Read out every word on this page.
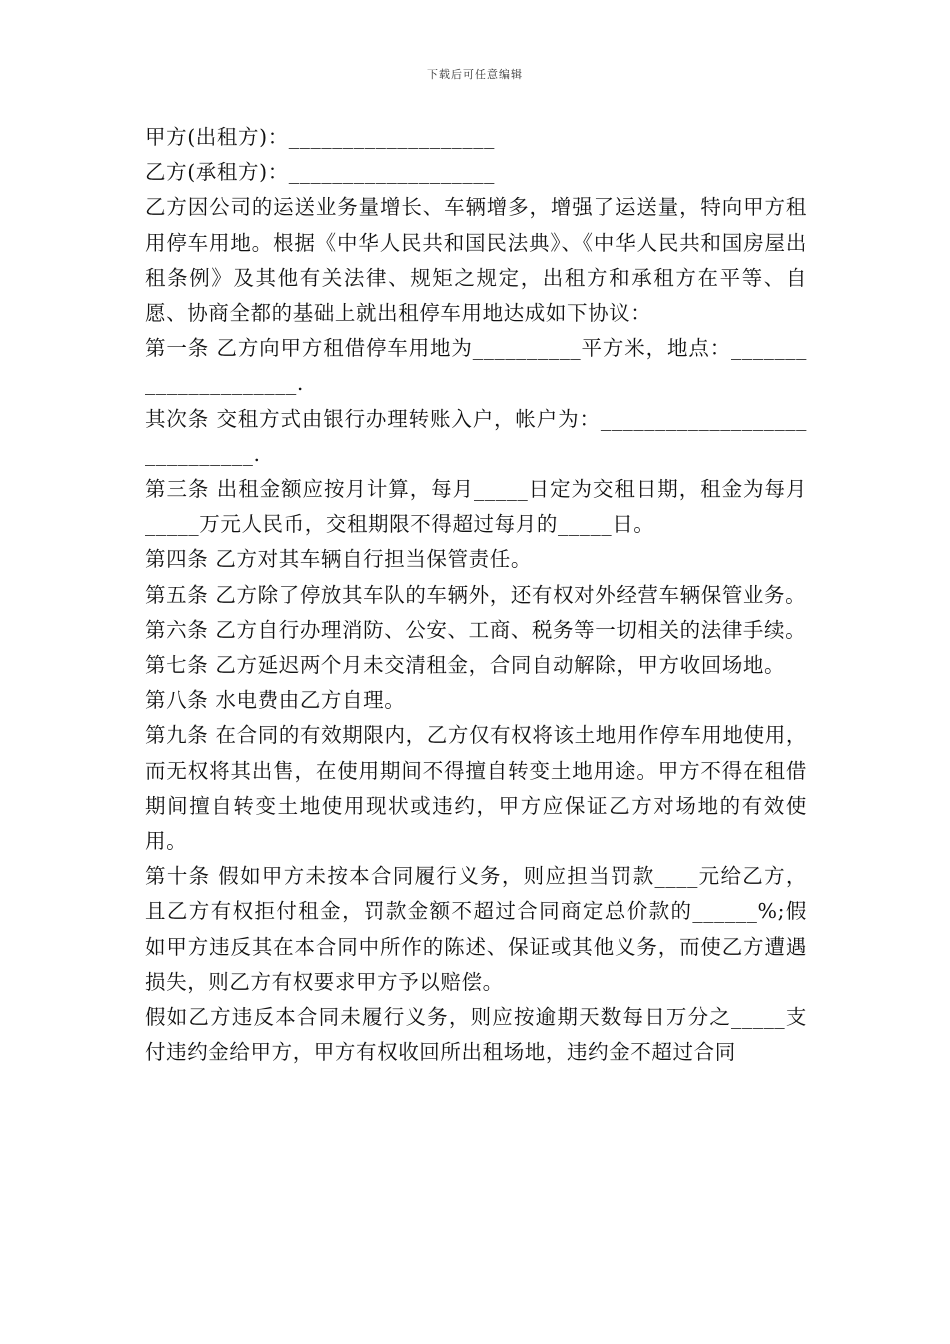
下载后可任意编辑

甲方(出租方)：___________________

乙方(承租方)：___________________

乙方因公司的运送业务量增长、车辆增多，增强了运送量，特向甲方租用停车用地。根据《中华人民共和国民法典》、《中华人民共和国房屋出租条例》及其他有关法律、规矩之规定，出租方和承租方在平等、自愿、协商全都的基础上就出租停车用地达成如下协议：

第一条 乙方向甲方租借停车用地为__________平方米，地点：_____________________.

其次条 交租方式由银行办理转账入户，帐户为：_____________________________.

第三条 出租金额应按月计算，每月_____日定为交租日期，租金为每月_____万元人民币，交租期限不得超过每月的_____日。

第四条 乙方对其车辆自行担当保管责任。

第五条 乙方除了停放其车队的车辆外，还有权对外经营车辆保管业务。

第六条 乙方自行办理消防、公安、工商、税务等一切相关的法律手续。

第七条 乙方延迟两个月未交清租金，合同自动解除，甲方收回场地。

第八条 水电费由乙方自理。

第九条 在合同的有效期限内，乙方仅有权将该土地用作停车用地使用，而无权将其出售，在使用期间不得擅自转变土地用途。甲方不得在租借期间擅自转变土地使用现状或违约，甲方应保证乙方对场地的有效使用。

第十条 假如甲方未按本合同履行义务，则应担当罚款____元给乙方，且乙方有权拒付租金，罚款金额不超过合同商定总价款的______%;假如甲方违反其在本合同中所作的陈述、保证或其他义务，而使乙方遭遇损失，则乙方有权要求甲方予以赔偿。

假如乙方违反本合同未履行义务，则应按逾期天数每日万分之_____支付违约金给甲方，甲方有权收回所出租场地，违约金不超过合同
